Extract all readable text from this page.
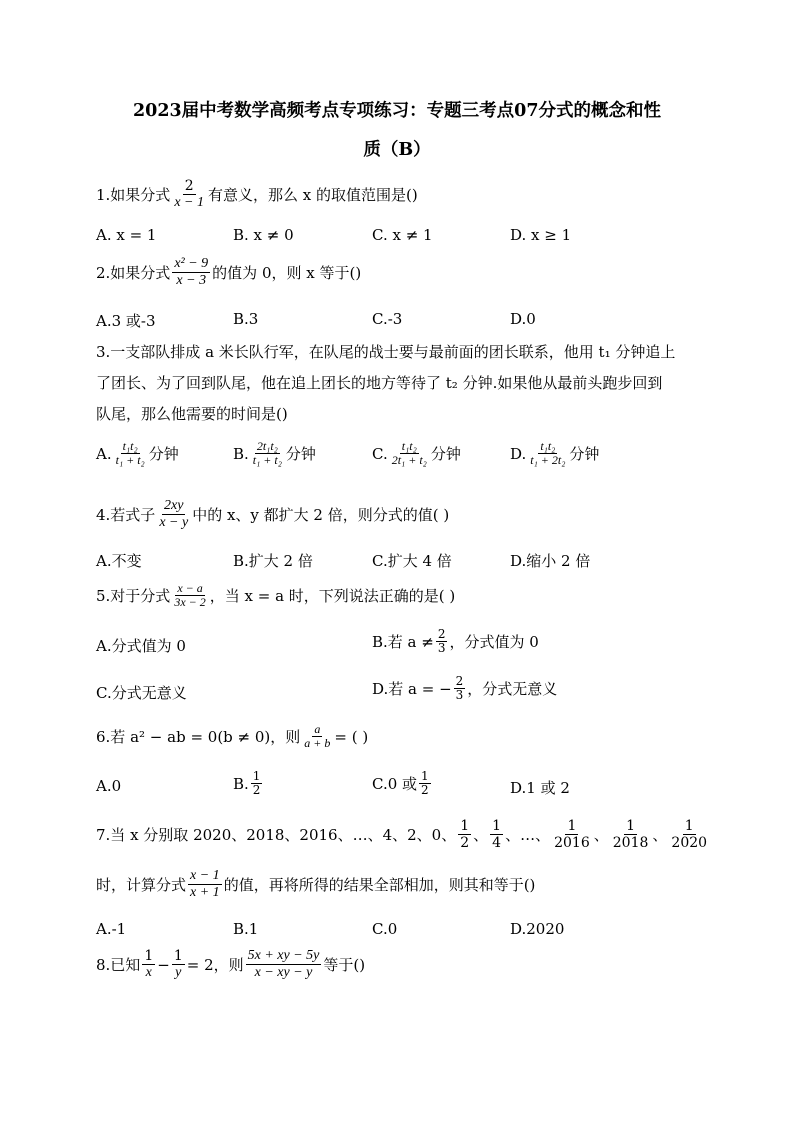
2023届中考数学高频考点专项练习：专题三考点07分式的概念和性
质（B）
1.如果分式 $\frac{2}{x - 1}$ 有意义，那么 x 的取值范围是()
A. x = 1	B. x ≠ 0	C. x ≠ 1	D. x ≥ 1
2.如果分式 $\frac{\text{x² − 9}}{x - 3}$ 的值为 0，则 x 等于()
A.3 或-3	B.3	C.-3	D.0
3.一支部队排成 a 米长队行军，在队尾的战士要与最前面的团长联系，他用 t₁ 分钟追上
了团长、为了回到队尾，他在追上团长的地方等待了 t₂ 分钟.如果他从最前头跑步回到
队尾，那么他需要的时间是()
A. $\frac{\text{t₁t₂}}{\text{t₁ + t₂}}$ 分钟	B. $\frac{\text{2t₁t₂}}{\text{t₁ + t₂}}$ 分钟	C. $\frac{\text{t₁t₂}}{\text{2t₁ + t₂}}$ 分钟	D. $\frac{\text{t₁t₂}}{\text{t₁ + 2t₂}}$ 分钟
4.若式子 $\frac{2xy}{x - y}$ 中的 x、y 都扩大 2 倍，则分式的值( )
A.不变	B.扩大 2 倍	C.扩大 4 倍	D.缩小 2 倍
5.对于分式 $\frac{x - a}{3x - 2}$ ，当 x = a 时，下列说法正确的是( )
A.分式值为 0	B.若 $a \ne \frac{2}{3}$ ，分式值为 0
C.分式无意义	D.若 a = − $\frac{2}{3}$ ，分式无意义
6.若 a² − ab = 0(b ≠ 0)，则 $\frac{a}{a + b}$ = ( )
A.0	B. $\frac{1}{2}$	C.0 或 $\frac{1}{2}$	D.1 或 2
7.当 x 分别取 2020、2018、2016、…、4、2、0、 $\frac{1}{2}$ 、 $\frac{1}{4}$ 、…、 $\frac{1}{2016}$ 、 $\frac{1}{2018}$ 、 $\frac{1}{2020}$
时，计算分式 $\frac{x - 1}{x + 1}$ 的值，再将所得的结果全部相加，则其和等于()
A.-1	B.1	C.0	D.2020
8.已知 $\frac{1}{x} - \frac{1}{y} = 2$，则 $\frac{5x + xy - 5y}{x - xy - y}$ 等于()
